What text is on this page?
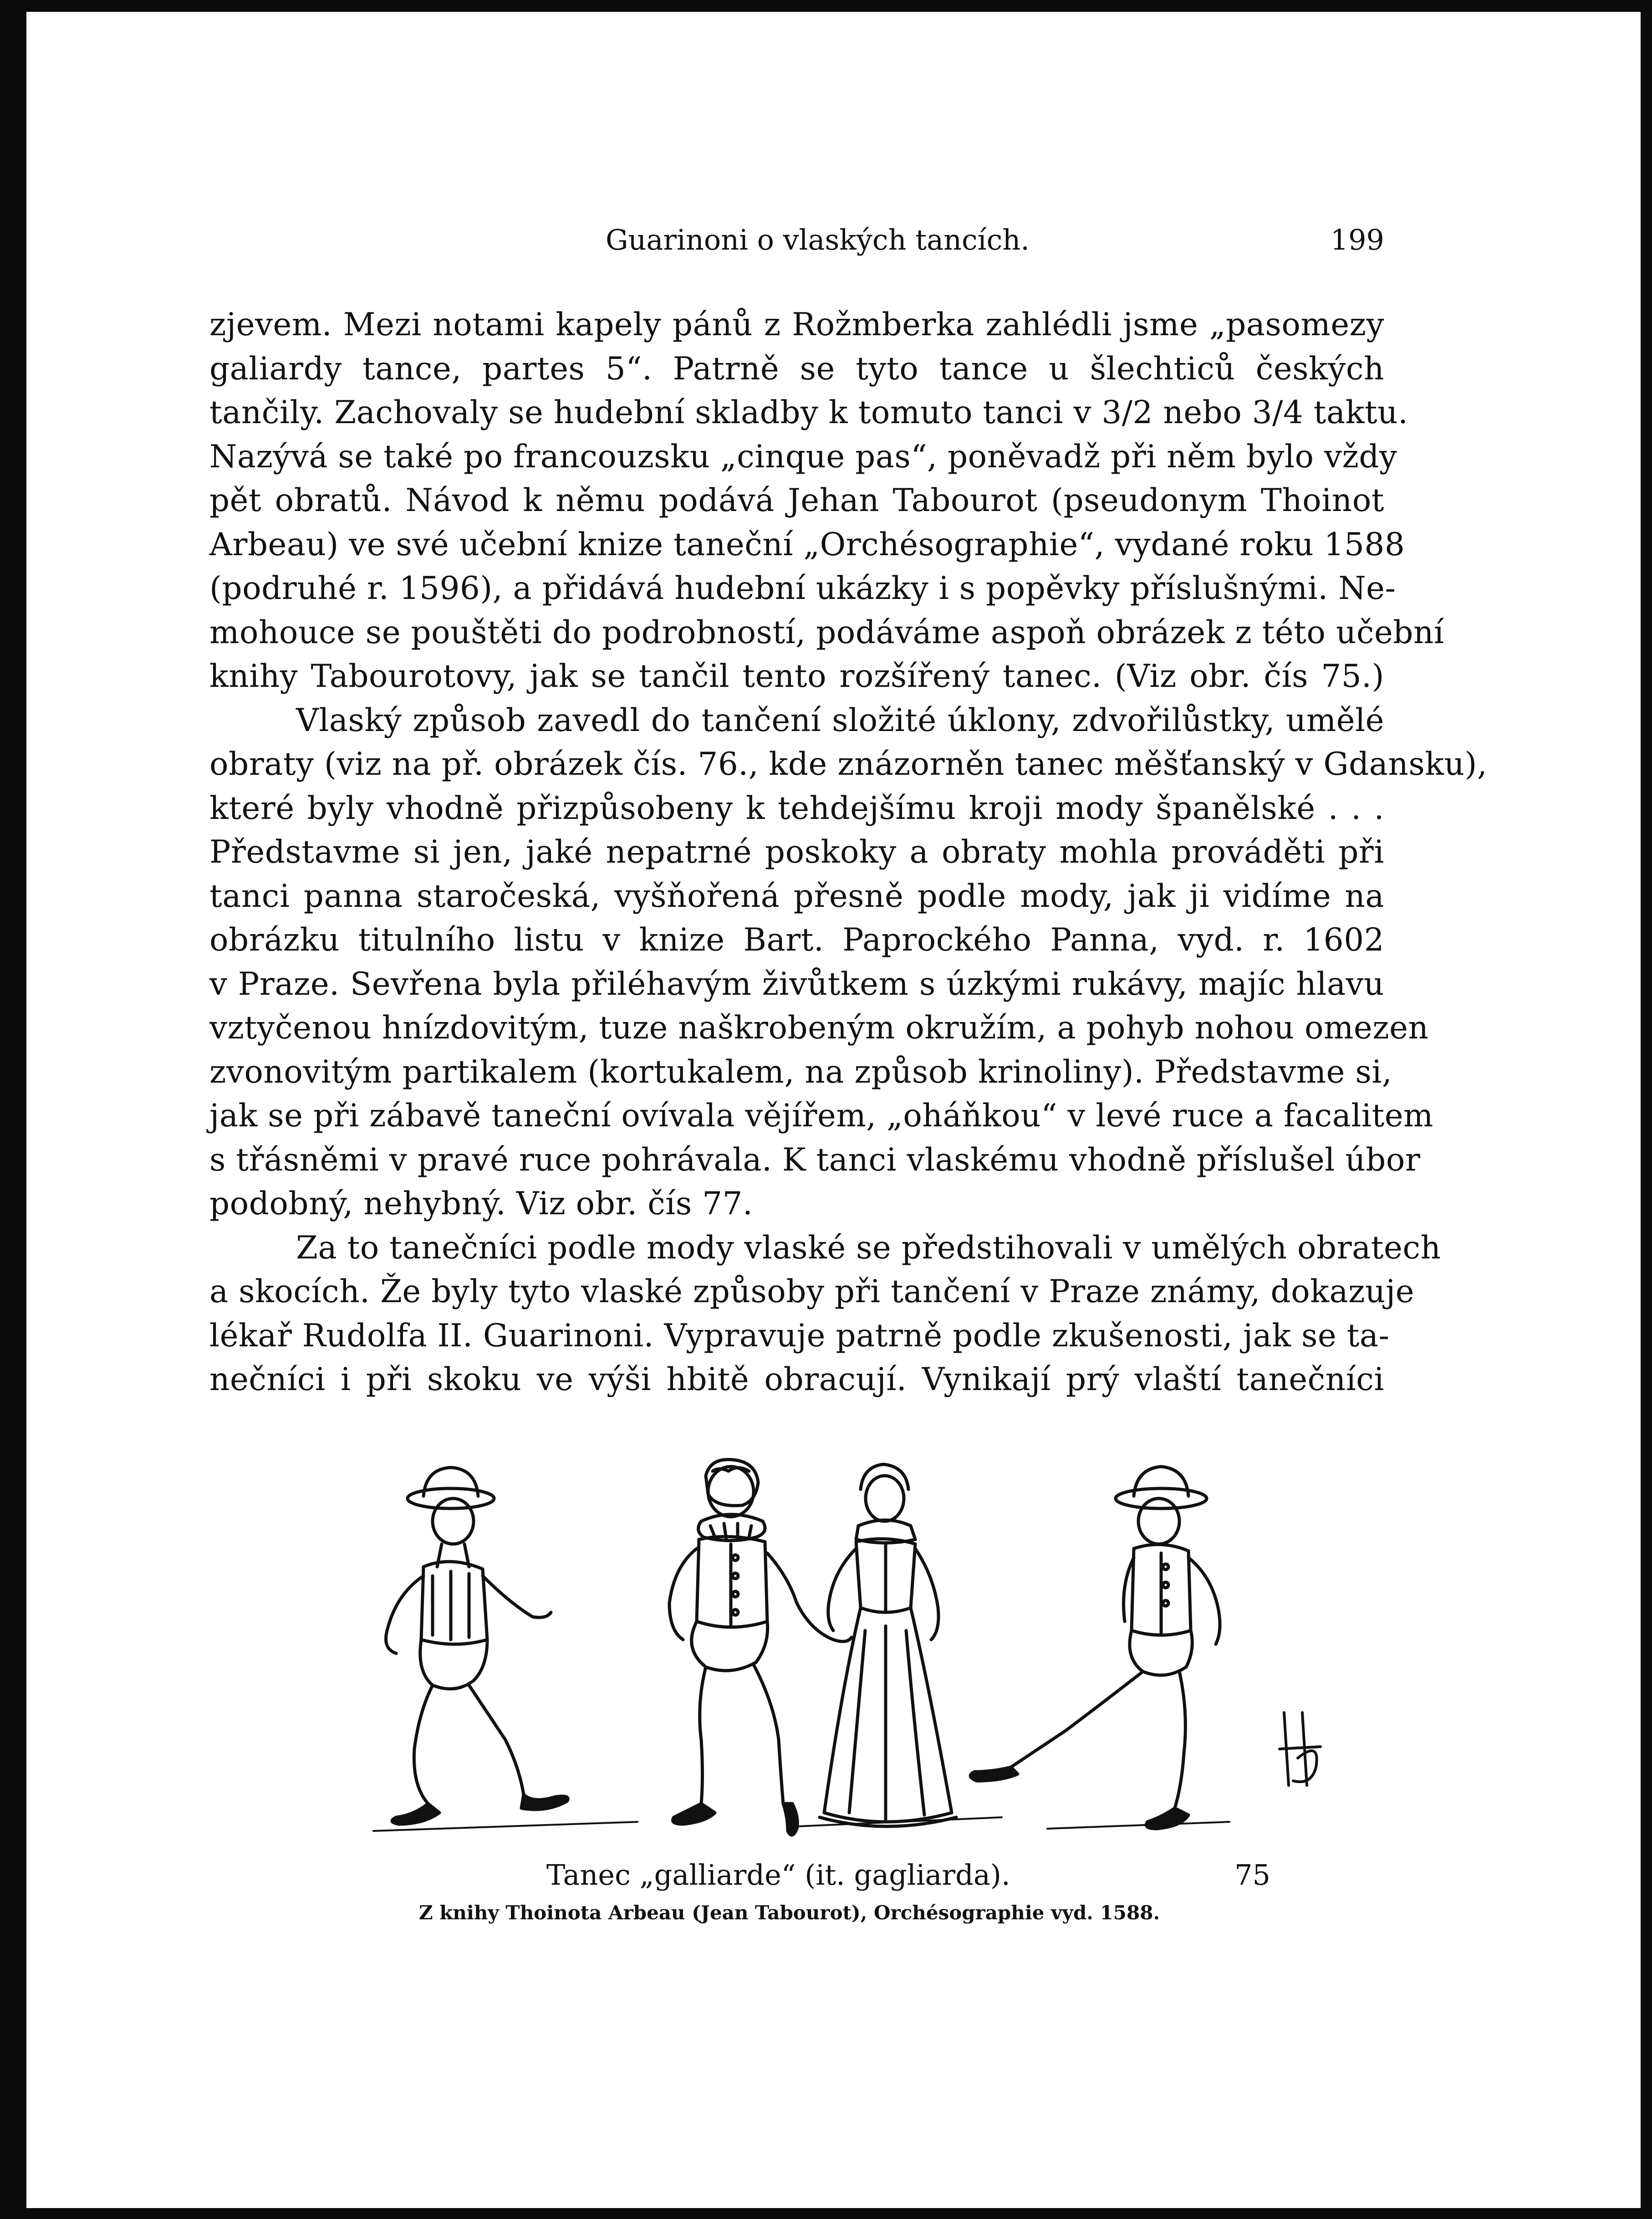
Guarinoni o vlaských tancích.	199
zjevem. Mezi notami kapely pánů z Rožmberka zahlédli jsme „pasomezy
galiardy tance, partes 5“. Patrně se tyto tance u šlechticů českých
tančily. Zachovaly se hudební skladby k tomuto tanci v 3/2 nebo 3/4 taktu.
Nazývá se také po francouzsku „cinque pas“, poněvadž při něm bylo vždy
pět obratů. Návod k němu podává Jehan Tabourot (pseudonym Thoinot
Arbeau) ve své učební knize taneční „Orchésographie“, vydané roku 1588
(podruhé r. 1596), a přidává hudební ukázky i s popěvky příslušnými. Ne-
mohouce se pouštěti do podrobností, podáváme aspoň obrázek z této učební
knihy Tabourotovy, jak se tančil tento rozšířený tanec. (Viz obr. čís 75.)
Vlaský způsob zavedl do tančení složité úklony, zdvořilůstky, umělé
obraty (viz na př. obrázek čís. 76., kde znázorněn tanec měšťanský v Gdansku),
které byly vhodně přizpůsobeny k tehdejšímu kroji mody španělské . . .
Představme si jen, jaké nepatrné poskoky a obraty mohla prováděti při
tanci panna staročeská, vyšňořená přesně podle mody, jak ji vidíme na
obrázku titulního listu v knize Bart. Paprockého Panna, vyd. r. 1602
v Praze. Sevřena byla přiléhavým živůtkem s úzkými rukávy, majíc hlavu
vztyčenou hnízdovitým, tuze naškrobeným okružím, a pohyb nohou omezen
zvonovitým partikalem (kortukalem, na způsob krinoliny). Představme si,
jak se při zábavě taneční ovívala vějířem, „oháňkou“ v levé ruce a facalitem
s třásněmi v pravé ruce pohrávala. K tanci vlaskému vhodně příslušel úbor
podobný, nehybný. Viz obr. čís 77.
Za to tanečníci podle mody vlaské se předstihovali v umělých obratech
a skocích. Že byly tyto vlaské způsoby při tančení v Praze známy, dokazuje
lékař Rudolfa II. Guarinoni. Vypravuje patrně podle zkušenosti, jak se ta-
nečníci i při skoku ve výši hbitě obracují. Vynikají prý vlaští tanečníci
Tanec „galliarde“ (it. gagliarda).	75
Z knihy Thoinota Arbeau (Jean Tabourot), Orchésographie vyd. 1588.
